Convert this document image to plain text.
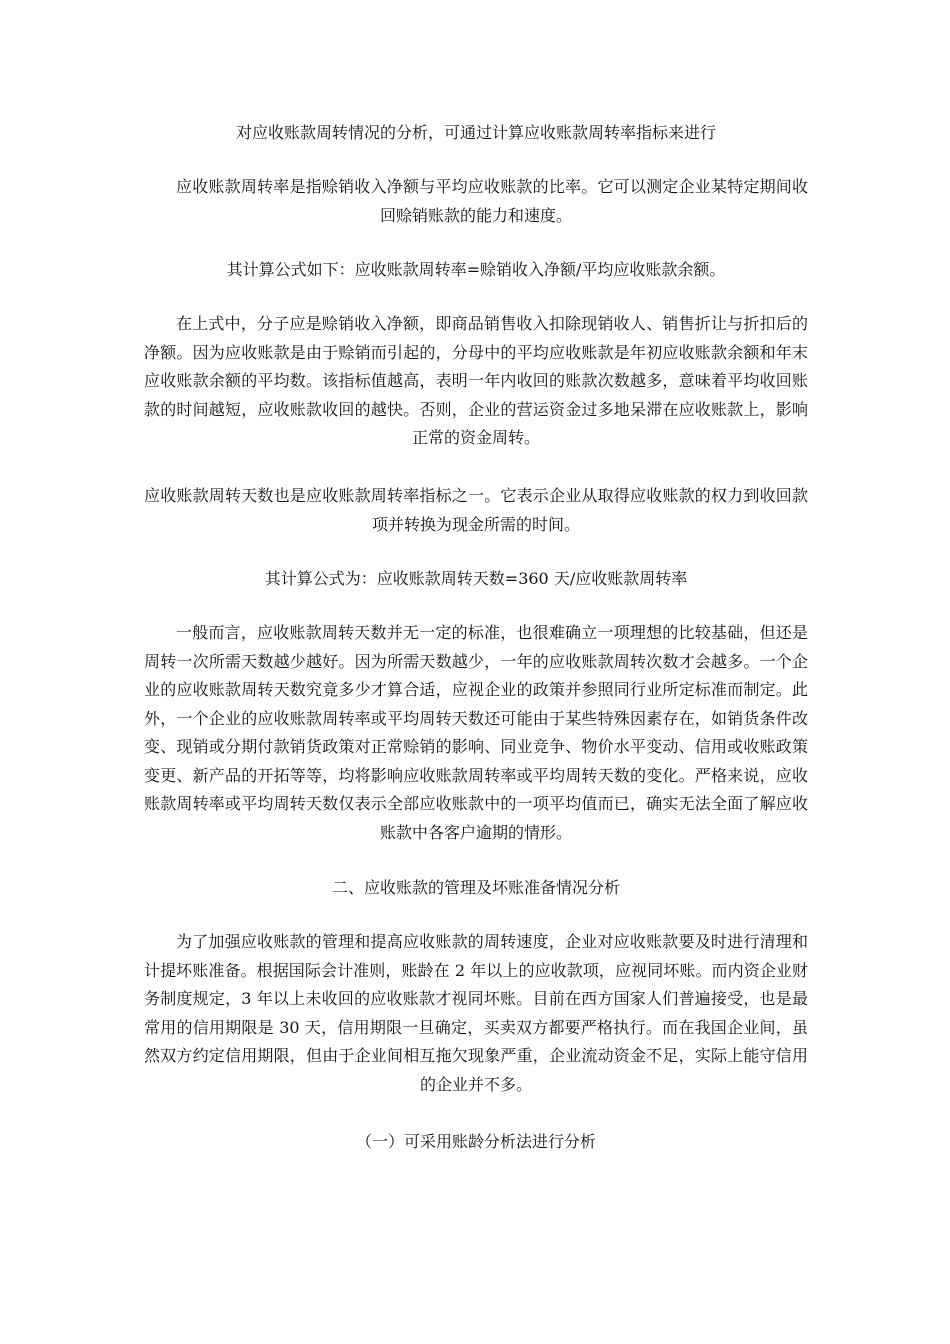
对应收账款周转情况的分析，可通过计算应收账款周转率指标来进行

应收账款周转率是指赊销收入净额与平均应收账款的比率。它可以测定企业某特定期间收回赊销账款的能力和速度。

其计算公式如下：应收账款周转率=赊销收入净额/平均应收账款余额。

在上式中，分子应是赊销收入净额，即商品销售收入扣除现销收人、销售折让与折扣后的净额。因为应收账款是由于赊销而引起的，分母中的平均应收账款是年初应收账款余额和年末应收账款余额的平均数。该指标值越高，表明一年内收回的账款次数越多，意味着平均收回账款的时间越短，应收账款收回的越快。否则，企业的营运资金过多地呆滞在应收账款上，影响正常的资金周转。

应收账款周转天数也是应收账款周转率指标之一。它表示企业从取得应收账款的权力到收回款项并转换为现金所需的时间。

其计算公式为：应收账款周转天数=360 天/应收账款周转率

一般而言，应收账款周转天数并无一定的标准，也很难确立一项理想的比较基础，但还是周转一次所需天数越少越好。因为所需天数越少，一年的应收账款周转次数才会越多。一个企业的应收账款周转天数究竟多少才算合适，应视企业的政策并参照同行业所定标准而制定。此外，一个企业的应收账款周转率或平均周转天数还可能由于某些特殊因素存在，如销货条件改变、现销或分期付款销货政策对正常赊销的影响、同业竞争、物价水平变动、信用或收账政策变更、新产品的开拓等等，均将影响应收账款周转率或平均周转天数的变化。严格来说，应收账款周转率或平均周转天数仅表示全部应收账款中的一项平均值而已，确实无法全面了解应收账款中各客户逾期的情形。

二、应收账款的管理及坏账准备情况分析

为了加强应收账款的管理和提高应收账款的周转速度，企业对应收账款要及时进行清理和计提坏账准备。根据国际会计准则，账龄在 2 年以上的应收款项，应视同坏账。而内资企业财务制度规定，3 年以上未收回的应收账款才视同坏账。目前在西方国家人们普遍接受，也是最常用的信用期限是 30 天，信用期限一旦确定，买卖双方都要严格执行。而在我国企业间，虽然双方约定信用期限，但由于企业间相互拖欠现象严重，企业流动资金不足，实际上能守信用的企业并不多。

（一）可采用账龄分析法进行分析
